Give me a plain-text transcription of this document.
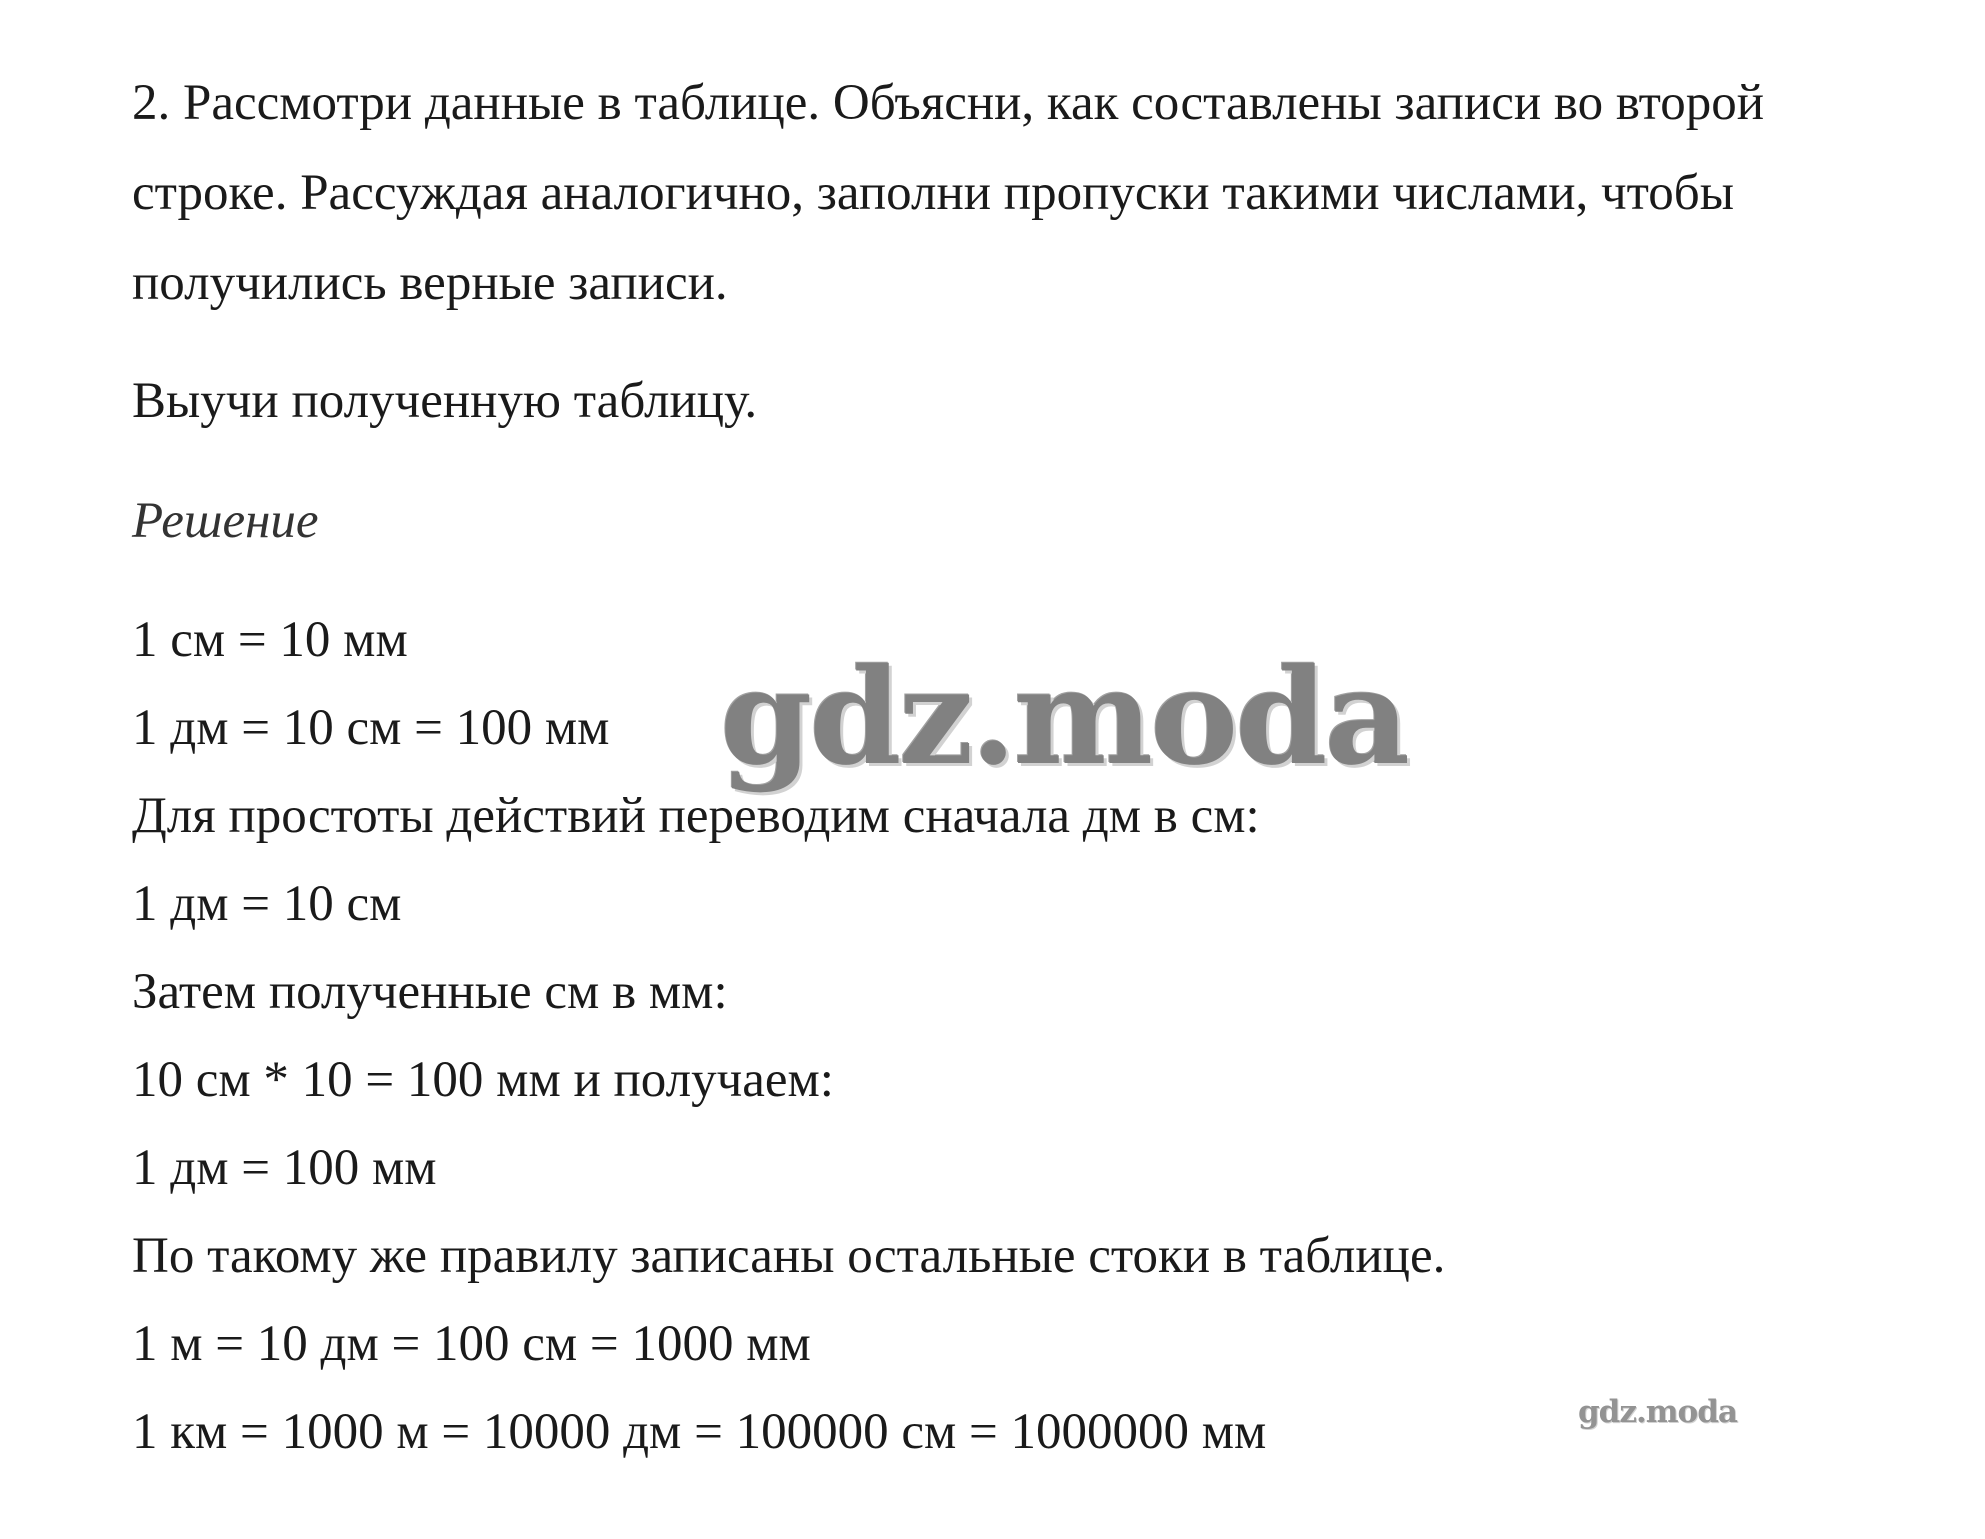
2. Рассмотри данные в таблице. Объясни, как составлены записи во второй строке. Рассуждая аналогично, заполни пропуски такими числами, чтобы получились верные записи.

Выучи полученную таблицу.

Решение
1 см = 10 мм
1 дм = 10 см = 100 мм
Для простоты действий переводим сначала дм в см:
1 дм = 10 см
Затем полученные см в мм:
10 см * 10 = 100 мм и получаем:
1 дм = 100 мм
По такому же правилу записаны остальные стоки в таблице.
1 м = 10 дм = 100 см = 1000 мм
1 км = 1000 м = 10000 дм = 100000 см = 1000000 мм
gdz.moda
gdz.moda
